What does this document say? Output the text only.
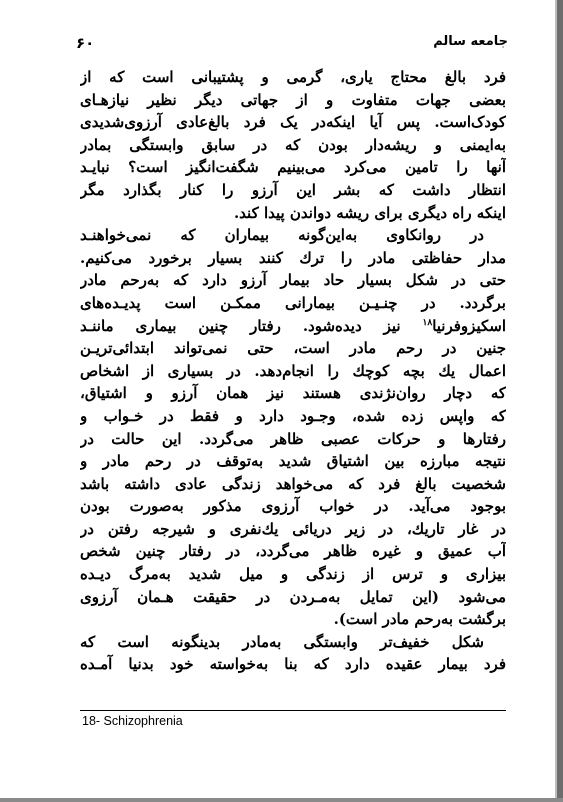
۶۰	جامعه سالم
فرد بالغ محتاج یاری، گرمی و پشتیبانی است که از
بعضی جهات متفاوت و از جهاتی دیگر نظیر نیازهـای
کودک‌است. پس آیا اینکه‌در یک فرد بالغ‌عادی آرزوی‌شدیدی
به‌ایمنی و ریشه‌دار بودن که در سابق وابستگی بمادر
آنها را تامین می‌کرد می‌بینیم شگفت‌انگیز است؟ نبایـد
انتظار داشت که بشر این آرزو را کنار بگذارد مگر
اینکه راه دیگری برای ریشه دواندن پیدا کند.
در روانکاوی به‌این‌گونه بیماران که نمی‌خواهنـد
مدار حفاظتی مادر را ترك کنند بسیار برخورد می‌کنیم.
حتی در شکل بسیار حاد بیمار آرزو دارد که به‌رحم مادر
برگردد. در چنـیـن بیمارانی ممکـن است پدیـده‌های
اسکیزوفرنیا$^{۱۸}$ نیز دیده‌شود. رفتار چنین بیماری ماننـد
جنین در رحم مادر است، حتی نمی‌تواند ابتدائی‌تریـن
اعمال یك بچه کوچك را انجام‌دهد. در بسیاری از اشخاص
که دچار روان‌نژندی هستند نیز همان آرزو و اشتیاق،
که واپس زده شده، وجـود دارد و فقط در خـواب و
رفتارها و حرکات عصبی ظاهر می‌گردد. این حالت در
نتیجه مبارزه بین اشتیاق شدید به‌توقف در رحم مادر و
شخصیت بالغ فرد که می‌خواهد زندگی عادی داشته باشد
بوجود می‌آید. در خواب آرزوی مذکور به‌صورت بودن
در غار تاریك، در زیر دریائی یك‌نفری و شیرجه رفتن در
آب عمیق و غیره ظاهر می‌گردد، در رفتار چنین شخص
بیزاری و ترس از زندگی و میل شدید به‌مرگ دیـده
می‌شود (این تمایل به‌مـردن در حقیقت هـمان آرزوی
برگشت به‌رحم مادر است).
شکل خفیف‌تر وابستگی به‌مادر بدینگونه است که
فرد بیمار عقیده دارد که بنا به‌خواسته خود بدنیا آمـده
18- Schizophrenia
